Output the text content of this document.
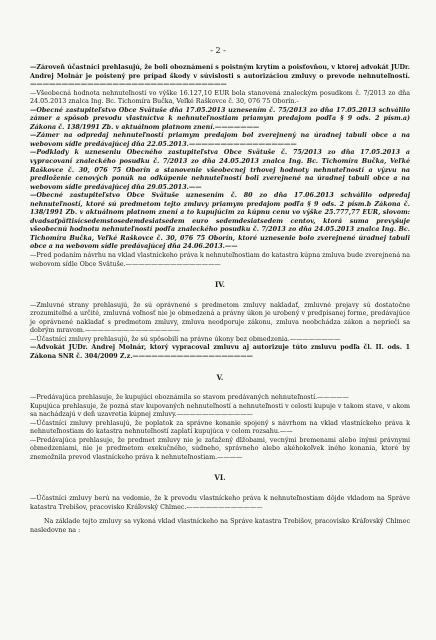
- 2 -

—Zároveň účastníci prehlasujú, že boli oboznámení s poistným krytím a poisťovňou, v ktorej advokát JUDr. Andrej Molnár je poistený pre prípad škody v súvislosti s autorizáciou zmluvy o prevode nehnuteľností.———————————————————————————————

—Všeobecná hodnota nehnuteľností vo výške 16.127,10 EUR bola stanovená znaleckým posudkom č. 7/2013 zo dňa 24.05.2013 znalca Ing. Bc. Tichomíra Bučka, Veľké Raškovce č. 30, 076 75 Oborín.-

—Obecné zastupiteľstvo Obce Svätuše dňa 17.05.2013 uznesením č. 75/2013 zo dňa 17.05.2013 schválilo zámer a spôsob prevodu vlastníctva k nehnuteľnostiam priamym predajom podľa § 9 ods. 2 písm.a) Zákona č. 138/1991 Zb. v aktuálnom platnom znení.———————

—Zámer na odpredaj nehnuteľností priamym predajom bol zverejnený na úradnej tabuli obce a na webovom sídle predávajúcej dňa 22.05.2013.—————————————————

—Podklady k uzneseniu Obecného zastupiteľstva Obce Svätuše č. 75/2013 zo dňa 17.05.2013 a vypracovaní znaleckého posudku č. 7/2013 zo dňa 24.05.2013 znalca Ing. Bc. Tichomíra Bučka, Veľké Raškovce č. 30, 076 75 Oborín a stanovenie všeobecnej trhovej hodnoty nehnuteľností a výzvu na predloženie cenových ponúk na odkúpenie nehnuteľností boli zverejnené na úradnej tabuli obce a na webovom sídle predávajúcej dňa 29.05.2013.——

—Obecné zastupiteľstvo Obce Svätuše uznesením č. 80 zo dňa 17.06.2013 schválilo odpredaj nehnuteľností, ktoré sú predmetom tejto zmluvy priamym predajom podľa § 9 ods. 2 písm.b Zákona č. 138/1991 Zb. v aktuálnom platnom znení a to kupujúcim za kúpnu cenu vo výške 25.777,77 EUR, slovom: dvadsaťpäťtisícsedemstosedemdesiatsedem euro sedemdesiatsedem centov, ktorá suma prevyšuje všeobecnú hodnotu nehnuteľností podľa znaleckého posudku č. 7/2013 zo dňa 24.05.2013 znalca Ing. Bc. Tichomíra Bučka, Veľké Raškovce č. 30, 076 75 Oborín, ktoré uznesenie bolo zverejnené úradnej tabuli obce a na webovom sídle predávajúcej dňa 24.06.2013.——

—Pred podaním návrhu na vklad vlastníckeho práva k nehnuteľnostiam do katastra kúpna zmluva bude zverejnená na webovom sídle Obce Svätuše.———————————————

IV.

—Zmluvné strany prehlasujú, že sú oprávnené s predmetom zmluvy nakladať, zmluvné prejavy sú dostatočne zrozumiteľné a určité, zmluvná voľnosť nie je obmedzená a právny úkon je urobený v predpísanej forme, predávajúce je oprávnené nakladať s predmetom zmluvy, zmluva neodporuje zákonu, zmluva neobchádza zákon a neprieči sa dobrým mravom.———————————————

—Účastníci zmluvy prehlasujú, že sú spôsobilí na právne úkony bez obmedzenia.————————

—Advokát JUDr. Andrej Molnár, ktorý vypracoval zmluvu aj autorizuje túto zmluvu podľa čl. II. ods. 1 Zákona SNR č. 304/2009 Z.z.———————————————————

V.

—Predávajúca prehlasuje, že kupujúci oboznámila so stavom predávaných nehnuteľností.—————

Kupujúca prehlasuje, že pozná stav kupovaných nehnuteľností a nehnuteľnosti v celosti kupuje v takom stave, v akom sa nachádzajú v deň uzavretia kúpnej zmluvy.————————————

—Účastníci zmluvy prehlasujú, že poplatok za správne konanie spojený s návrhom na vklad vlastníckeho práva k nehnuteľnostiam do katastra nehnuteľností zaplatí kupujúca v celom rozsahu.——

—Predávajúca prehlasuje, že predmet zmluvy nie je zaťažený dlžobami, vecnými bremenami alebo inými právnymi obmedzeniami, nie je predmetom exekučného, súdneho, správneho alebo akéhokoľvek iného konania, ktoré by znemožnila prevod vlastníckeho práva k nehnuteľnostiam.————

VI.

—Účastníci zmluvy berú na vedomie, že k prevodu vlastníckeho práva k nehnuteľnostiam dôjde vkladom na Správe katastra Trebišov, pracovisko Kráľovský Chlmec.————————————

Na základe tejto zmluvy sa vykoná vklad vlastníckeho na Správe katastra Trebišov, pracovisko Kráľovský Chlmec nasledovne na :
